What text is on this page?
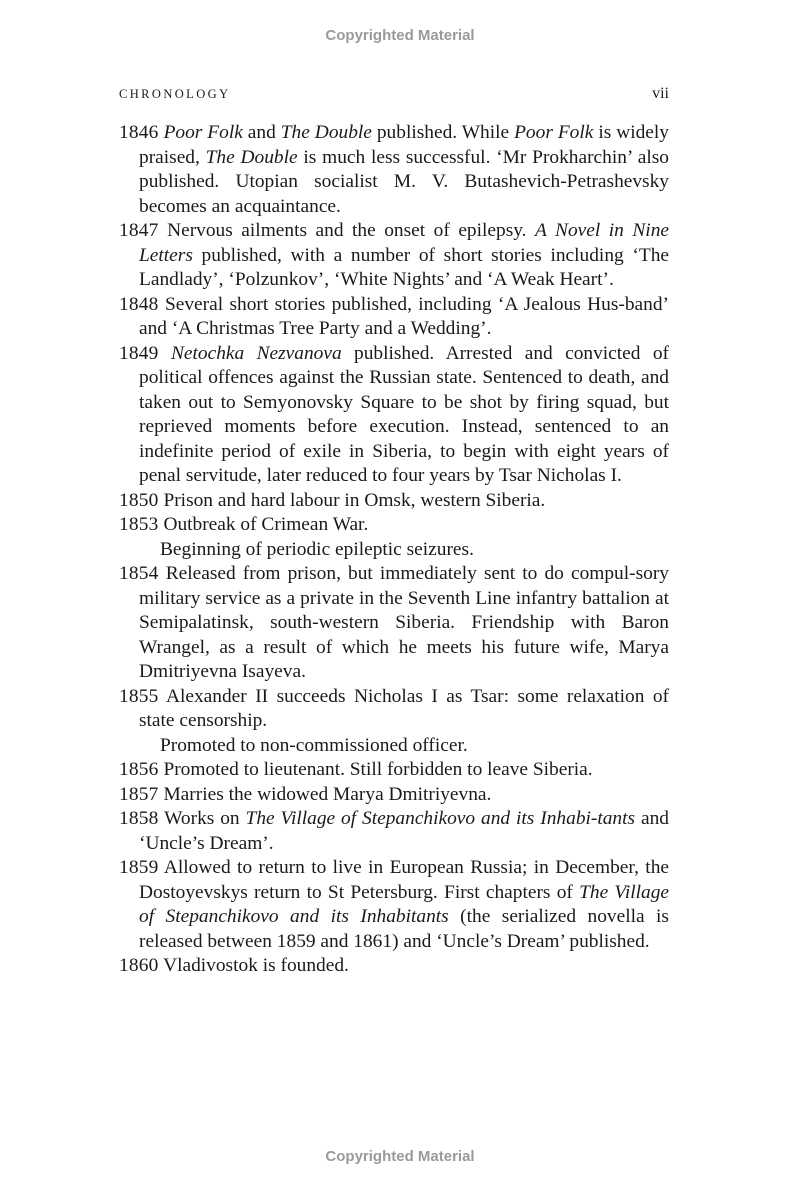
Copyrighted Material
CHRONOLOGY	vii
1846 Poor Folk and The Double published. While Poor Folk is widely praised, The Double is much less successful. ‘Mr Prokharchin’ also published. Utopian socialist M. V. Butashevich-Petrashevsky becomes an acquaintance.
1847 Nervous ailments and the onset of epilepsy. A Novel in Nine Letters published, with a number of short stories including ‘The Landlady’, ‘Polzunkov’, ‘White Nights’ and ‘A Weak Heart’.
1848 Several short stories published, including ‘A Jealous Hus-band’ and ‘A Christmas Tree Party and a Wedding’.
1849 Netochka Nezvanova published. Arrested and convicted of political offences against the Russian state. Sentenced to death, and taken out to Semyonovsky Square to be shot by firing squad, but reprieved moments before execution. Instead, sentenced to an indefinite period of exile in Siberia, to begin with eight years of penal servitude, later reduced to four years by Tsar Nicholas I.
1850 Prison and hard labour in Omsk, western Siberia.
1853 Outbreak of Crimean War.
Beginning of periodic epileptic seizures.
1854 Released from prison, but immediately sent to do compul-sory military service as a private in the Seventh Line infantry battalion at Semipalatinsk, south-western Siberia. Friendship with Baron Wrangel, as a result of which he meets his future wife, Marya Dmitriyevna Isayeva.
1855 Alexander II succeeds Nicholas I as Tsar: some relaxation of state censorship.
Promoted to non-commissioned officer.
1856 Promoted to lieutenant. Still forbidden to leave Siberia.
1857 Marries the widowed Marya Dmitriyevna.
1858 Works on The Village of Stepanchikovo and its Inhabi-tants and ‘Uncle’s Dream’.
1859 Allowed to return to live in European Russia; in December, the Dostoyevskys return to St Petersburg. First chapters of The Village of Stepanchikovo and its Inhabitants (the serialized novella is released between 1859 and 1861) and ‘Uncle’s Dream’ published.
1860 Vladivostok is founded.
Copyrighted Material
